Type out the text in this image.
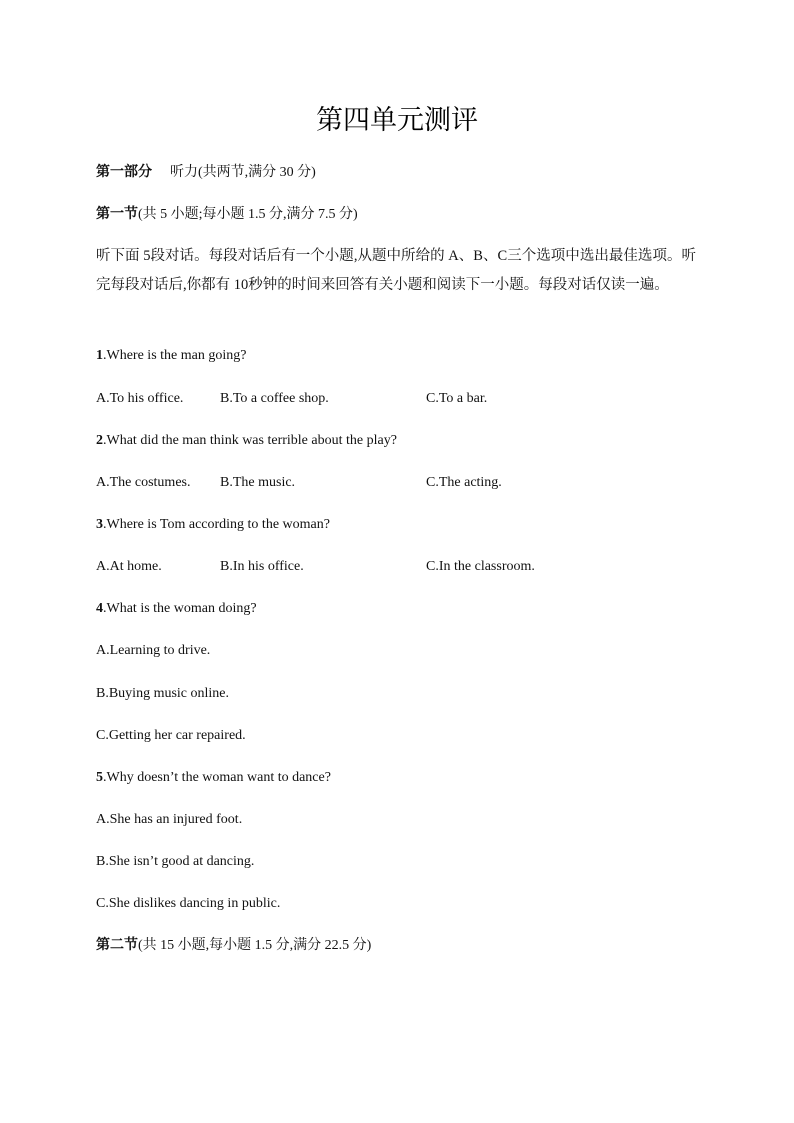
第四单元测评
第一部分 听力(共两节,满分 30 分)
第一节(共 5 小题;每小题 1.5 分,满分 7.5 分)
听下面 5段对话。每段对话后有一个小题,从题中所给的 A、B、C三个选项中选出最佳选项。听完每段对话后,你都有 10秒钟的时间来回答有关小题和阅读下一小题。每段对话仅读一遍。
1.Where is the man going?
A.To his office.	B.To a coffee shop.	C.To a bar.
2.What did the man think was terrible about the play?
A.The costumes. B.The music.	C.The acting.
3.Where is Tom according to the woman?
A.At home.	B.In his office.	C.In the classroom.
4.What is the woman doing?
A.Learning to drive.
B.Buying music online.
C.Getting her car repaired.
5.Why doesn’t the woman want to dance?
A.She has an injured foot.
B.She isn’t good at dancing.
C.She dislikes dancing in public.
第二节(共 15 小题,每小题 1.5 分,满分 22.5 分)
